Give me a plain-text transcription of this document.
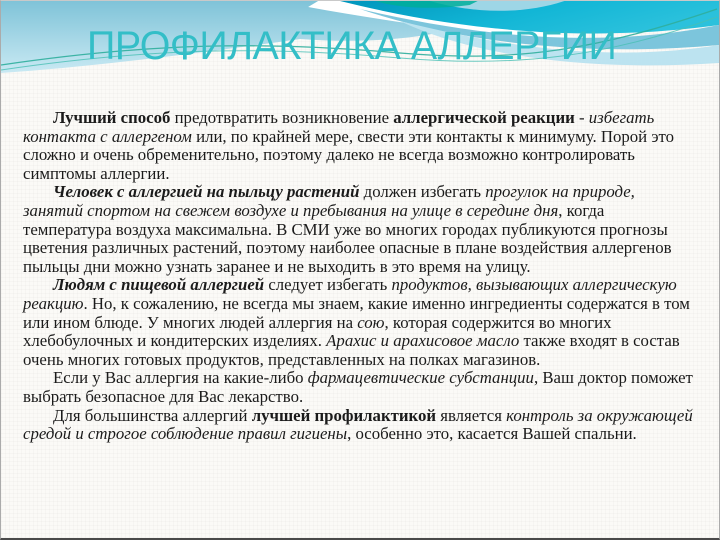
ПРОФИЛАКТИКА АЛЛЕРГИИ

Лучший способ предотвратить возникновение аллергической реакции - избегать контакта с аллергеном или, по крайней мере, свести эти контакты к минимуму. Порой это сложно и очень обременительно, поэтому далеко не всегда возможно контролировать симптомы аллергии.

Человек с аллергией на пыльцу растений должен избегать прогулок на природе, занятий спортом на свежем воздухе и пребывания на улице в середине дня, когда температура воздуха максимальна. В СМИ уже во многих городах публикуются прогнозы цветения различных растений, поэтому наиболее опасные в плане воздействия аллергенов пыльцы дни можно узнать заранее и не выходить в это время на улицу.

Людям с пищевой аллергией следует избегать продуктов, вызывающих аллергическую реакцию. Но, к сожалению, не всегда мы знаем, какие именно ингредиенты содержатся в том или ином блюде. У многих людей аллергия на сою, которая содержится во многих хлебобулочных и кондитерских изделиях. Арахис и арахисовое масло также входят в состав очень многих готовых продуктов, представленных на полках магазинов.

Если у Вас аллергия на какие-либо фармацевтические субстанции, Ваш доктор поможет выбрать безопасное для Вас лекарство.

Для большинства аллергий лучшей профилактикой является контроль за окружающей средой и строгое соблюдение правил гигиены, особенно это, касается Вашей спальни.
